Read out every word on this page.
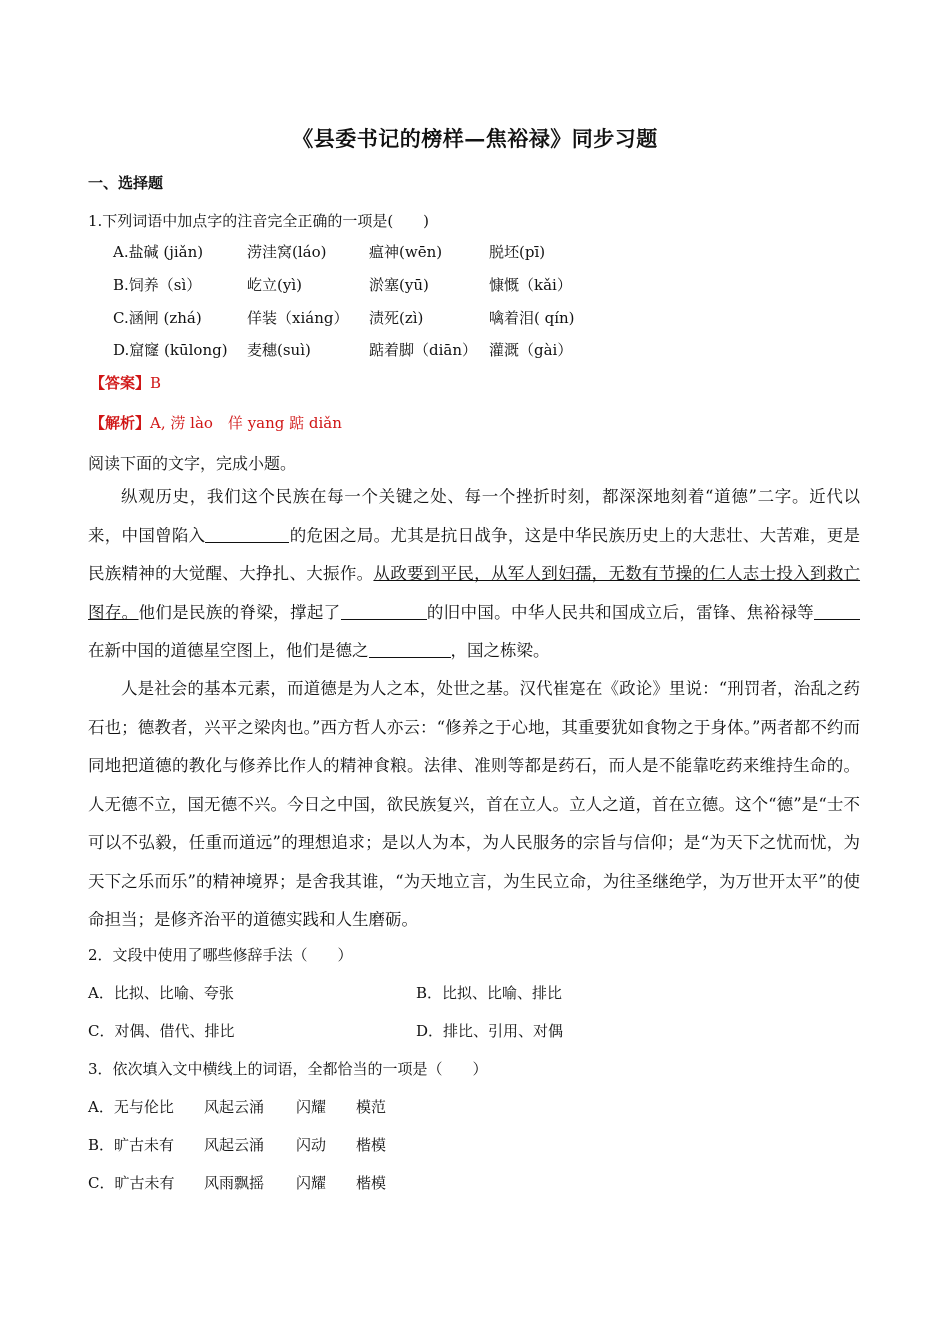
《县委书记的榜样—焦裕禄》同步习题
一、选择题
1.下列词语中加点字的注音完全正确的一项是(　　)
A.盐碱 (jiǎn)	涝洼窝(láo)	瘟神(wēn)	脱坯(pī)
B.饲养（sì）	屹立(yì)	淤塞(yū)	慷慨（kǎi）
C.涵闸 (zhá)	佯装（xiáng） 渍死(zì)	噙着泪( qín)
D.窟窿 (kūlong) 麦穗(suì)	踮着脚（diān） 灌溉（gài）
【答案】B
【解析】A, 涝 lào　佯 yang 踮 diǎn
阅读下面的文字，完成小题。

纵观历史，我们这个民族在每一个关键之处、每一个挫折时刻，都深深地刻着“道德”二字。近代以来，中国曾陷入	的危困之局。尤其是抗日战争，这是中华民族历史上的大悲壮、大苦难，更是民族精神的大觉醒、大挣扎、大振作。从政要到平民，从军人到妇孺，无数有节操的仁人志士投入到救亡图存。他们是民族的脊梁，撑起了	的旧中国。中华人民共和国成立后，雷锋、焦裕禄等在新中国的道德星空图上，他们是德之	，国之栋梁。

人是社会的基本元素，而道德是为人之本，处世之基。汉代崔寔在《政论》里说：“刑罚者，治乱之药石也；德教者，兴平之梁肉也。”西方哲人亦云：“修养之于心地，其重要犹如食物之于身体。”两者都不约而同地把道德的教化与修养比作人的精神食粮。法律、准则等都是药石，而人是不能靠吃药来维持生命的。人无德不立，国无德不兴。今日之中国，欲民族复兴，首在立人。立人之道，首在立德。这个“德”是“士不可以不弘毅，任重而道远”的理想追求；是以人为本，为人民服务的宗旨与信仰；是“为天下之忧而忧，为天下之乐而乐”的精神境界；是舍我其谁，“为天地立言，为生民立命，为往圣继绝学，为万世开太平”的使命担当；是修齐治平的道德实践和人生磨砺。

2．文段中使用了哪些修辞手法（　　）
A．比拟、比喻、夸张	B．比拟、比喻、排比
C．对偶、借代、排比	D．排比、引用、对偶
3．依次填入文中横线上的词语，全都恰当的一项是（　　）
A．无与伦比 风起云涌 闪耀 模范
B．旷古未有 风起云涌 闪动 楷模
C．旷古未有 风雨飘摇 闪耀 楷模
